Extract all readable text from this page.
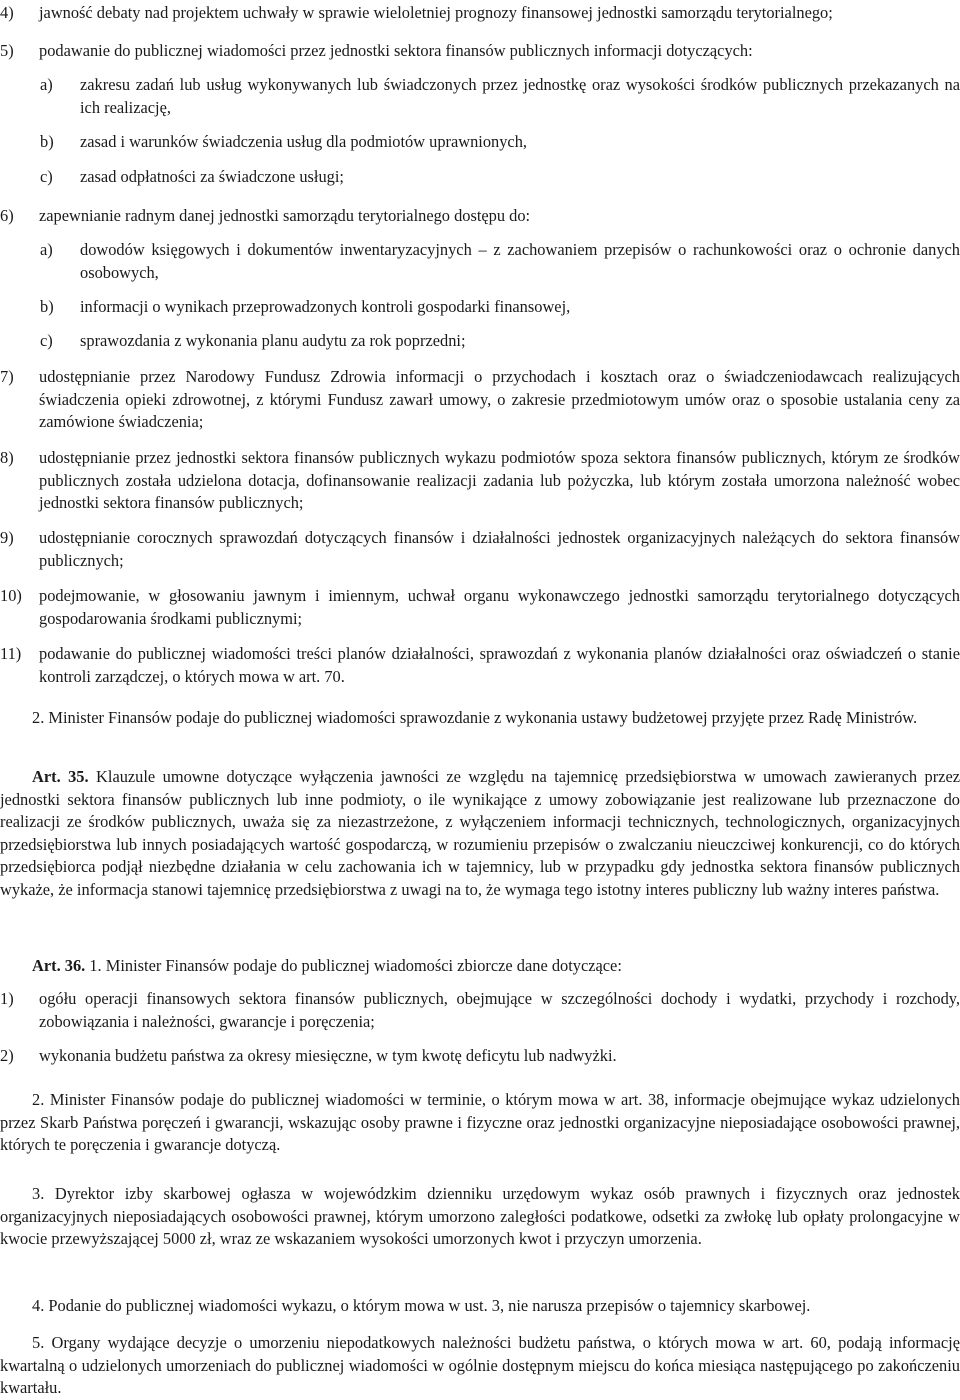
4)	jawność debaty nad projektem uchwały w sprawie wieloletniej prognozy finansowej jednostki samorządu terytorialnego;
5)	podawanie do publicznej wiadomości przez jednostki sektora finansów publicznych informacji dotyczących:
a)	zakresu zadań lub usług wykonywanych lub świadczonych przez jednostkę oraz wysokości środków publicznych przekazanych na ich realizację,
b)	zasad i warunków świadczenia usług dla podmiotów uprawnionych,
c)	zasad odpłatności za świadczone usługi;
6)	zapewnianie radnym danej jednostki samorządu terytorialnego dostępu do:
a)	dowodów księgowych i dokumentów inwentaryzacyjnych – z zachowaniem przepisów o rachunkowości oraz o ochronie danych osobowych,
b)	informacji o wynikach przeprowadzonych kontroli gospodarki finansowej,
c)	sprawozdania z wykonania planu audytu za rok poprzedni;
7)	udostępnianie przez Narodowy Fundusz Zdrowia informacji o przychodach i kosztach oraz o świadczeniodawcach realizujących świadczenia opieki zdrowotnej, z którymi Fundusz zawarł umowy, o zakresie przedmiotowym umów oraz o sposobie ustalania ceny za zamówione świadczenia;
8)	udostępnianie przez jednostki sektora finansów publicznych wykazu podmiotów spoza sektora finansów publicznych, którym ze środków publicznych została udzielona dotacja, dofinansowanie realizacji zadania lub pożyczka, lub którym została umorzona należność wobec jednostki sektora finansów publicznych;
9)	udostępnianie corocznych sprawozdań dotyczących finansów i działalności jednostek organizacyjnych należących do sektora finansów publicznych;
10)	podejmowanie, w głosowaniu jawnym i imiennym, uchwał organu wykonawczego jednostki samorządu terytorialnego dotyczących gospodarowania środkami publicznymi;
11)	podawanie do publicznej wiadomości treści planów działalności, sprawozdań z wykonania planów działalności oraz oświadczeń o stanie kontroli zarządczej, o których mowa w art. 70.
2. Minister Finansów podaje do publicznej wiadomości sprawozdanie z wykonania ustawy budżetowej przyjęte przez Radę Ministrów.
Art. 35. Klauzule umowne dotyczące wyłączenia jawności ze względu na tajemnicę przedsiębiorstwa w umowach zawieranych przez jednostki sektora finansów publicznych lub inne podmioty, o ile wynikające z umowy zobowiązanie jest realizowane lub przeznaczone do realizacji ze środków publicznych, uważa się za niezastrzeżone, z wyłączeniem informacji technicznych, technologicznych, organizacyjnych przedsiębiorstwa lub innych posiadających wartość gospodarczą, w rozumieniu przepisów o zwalczaniu nieuczciwej konkurencji, co do których przedsiębiorca podjął niezbędne działania w celu zachowania ich w tajemnicy, lub w przypadku gdy jednostka sektora finansów publicznych wykaże, że informacja stanowi tajemnicę przedsiębiorstwa z uwagi na to, że wymaga tego istotny interes publiczny lub ważny interes państwa.
Art. 36. 1. Minister Finansów podaje do publicznej wiadomości zbiorcze dane dotyczące:
1)	ogółu operacji finansowych sektora finansów publicznych, obejmujące w szczególności dochody i wydatki, przychody i rozchody, zobowiązania i należności, gwarancje i poręczenia;
2)	wykonania budżetu państwa za okresy miesięczne, w tym kwotę deficytu lub nadwyżki.
2. Minister Finansów podaje do publicznej wiadomości w terminie, o którym mowa w art. 38, informacje obejmujące wykaz udzielonych przez Skarb Państwa poręczeń i gwarancji, wskazując osoby prawne i fizyczne oraz jednostki organizacyjne nieposiadające osobowości prawnej, których te poręczenia i gwarancje dotyczą.
3. Dyrektor izby skarbowej ogłasza w wojewódzkim dzienniku urzędowym wykaz osób prawnych i fizycznych oraz jednostek organizacyjnych nieposiadających osobowości prawnej, którym umorzono zaległości podatkowe, odsetki za zwłokę lub opłaty prolongacyjne w kwocie przewyższającej 5000 zł, wraz ze wskazaniem wysokości umorzonych kwot i przyczyn umorzenia.
4. Podanie do publicznej wiadomości wykazu, o którym mowa w ust. 3, nie narusza przepisów o tajemnicy skarbowej.
5. Organy wydające decyzje o umorzeniu niepodatkowych należności budżetu państwa, o których mowa w art. 60, podają informację kwartalną o udzielonych umorzeniach do publicznej wiadomości w ogólnie dostępnym miejscu do końca miesiąca następującego po zakończeniu kwartału.
